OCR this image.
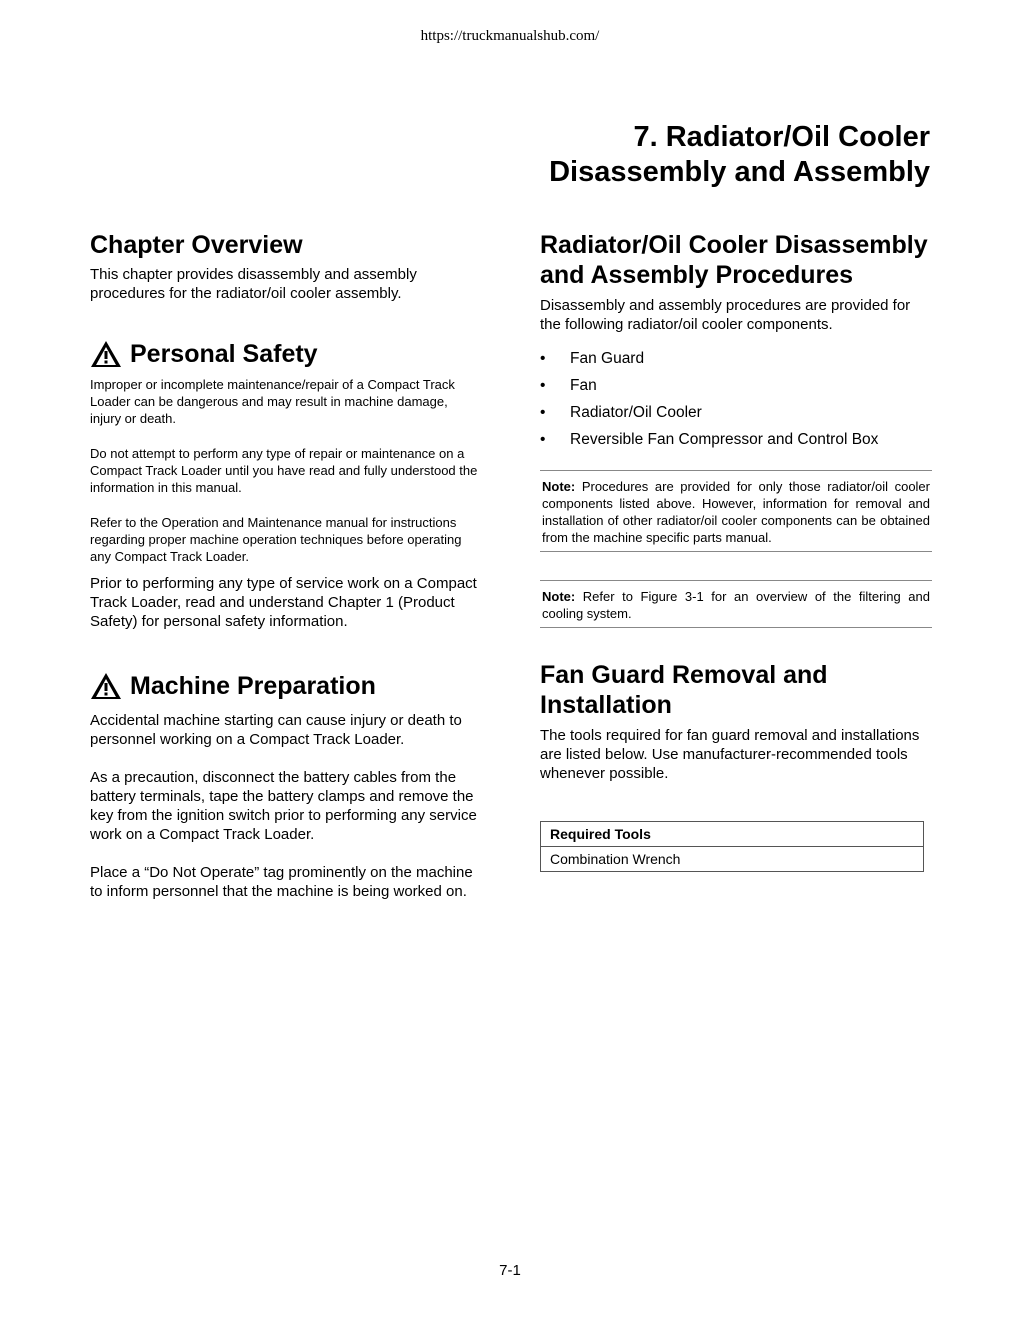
https://truckmanualshub.com/
7. Radiator/Oil Cooler
Disassembly and Assembly
Chapter Overview

This chapter provides disassembly and assembly procedures for the radiator/oil cooler assembly.

Personal Safety

Improper or incomplete maintenance/repair of a Compact Track Loader can be dangerous and may result in machine damage, injury or death.

Do not attempt to perform any type of repair or maintenance on a Compact Track Loader until you have read and fully understood the information in this manual.

Refer to the Operation and Maintenance manual for instructions regarding proper machine operation techniques before operating any Compact Track Loader.

Prior to performing any type of service work on a Compact Track Loader, read and understand Chapter 1 (Product Safety) for personal safety information.

Machine Preparation

Accidental machine starting can cause injury or death to personnel working on a Compact Track Loader.

As a precaution, disconnect the battery cables from the battery terminals, tape the battery clamps and remove the key from the ignition switch prior to performing any service work on a Compact Track Loader.

Place a “Do Not Operate” tag prominently on the machine to inform personnel that the machine is being worked on.

Radiator/Oil Cooler Disassembly and Assembly Procedures

Disassembly and assembly procedures are provided for the following radiator/oil cooler components.

• Fan Guard
• Fan
• Radiator/Oil Cooler
• Reversible Fan Compressor and Control Box
Note: Procedures are provided for only those radiator/oil cooler components listed above. However, information for removal and installation of other radiator/oil cooler components can be obtained from the machine specific parts manual.
Note: Refer to Figure 3-1 for an overview of the filtering and cooling system.
Fan Guard Removal and Installation

The tools required for fan guard removal and installations are listed below. Use manufacturer-recommended tools whenever possible.

Required Tools
Combination Wrench
7-1
